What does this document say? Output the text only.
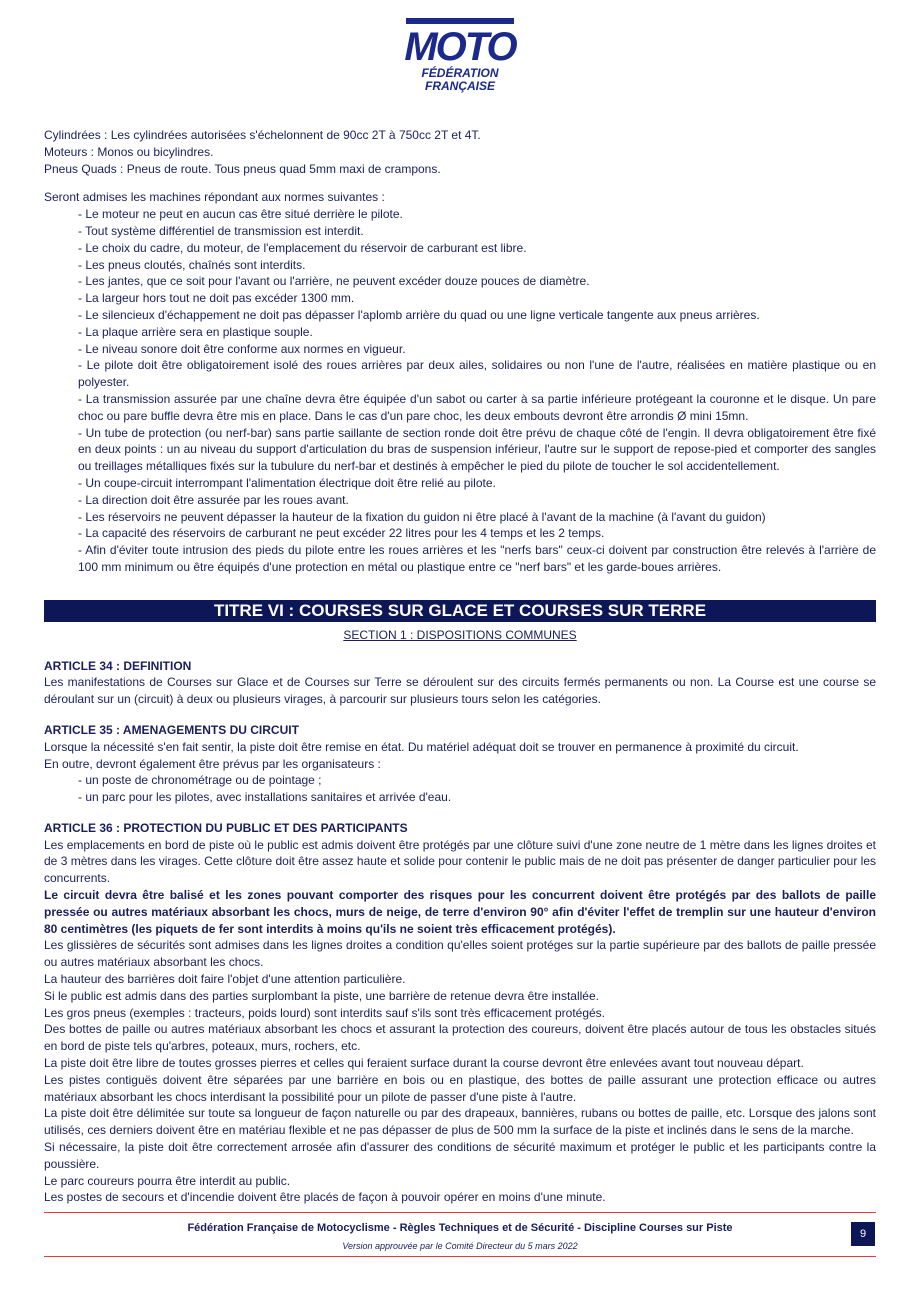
MOTO
FÉDÉRATION
FRANÇAISE

Cylindrées : Les cylindrées autorisées s'échelonnent de 90cc 2T à 750cc 2T et 4T.

Moteurs : Monos ou bicylindres.

Pneus Quads : Pneus de route. Tous pneus quad 5mm maxi de crampons.

Seront admises les machines répondant aux normes suivantes :

- Le moteur ne peut en aucun cas être situé derrière le pilote.

- Tout système différentiel de transmission est interdit.

- Le choix du cadre, du moteur, de l'emplacement du réservoir de carburant est libre.

- Les pneus cloutés, chaînés sont interdits.

- Les jantes, que ce soit pour l'avant ou l'arrière, ne peuvent excéder douze pouces de diamètre.

- La largeur hors tout ne doit pas excéder 1300 mm.

- Le silencieux d'échappement ne doit pas dépasser l'aplomb arrière du quad ou une ligne verticale tangente aux pneus arrières.

- La plaque arrière sera en plastique souple.

- Le niveau sonore doit être conforme aux normes en vigueur.

- Le pilote doit être obligatoirement isolé des roues arrières par deux ailes, solidaires ou non l'une de l'autre, réalisées en matière plastique ou en polyester.

- La transmission assurée par une chaîne devra être équipée d'un sabot ou carter à sa partie inférieure protégeant la couronne et le disque. Un pare choc ou pare buffle devra être mis en place. Dans le cas d'un pare choc, les deux embouts devront être arrondis Ø mini 15mn.

- Un tube de protection (ou nerf-bar) sans partie saillante de section ronde doit être prévu de chaque côté de l'engin. Il devra obligatoirement être fixé en deux points : un au niveau du support d'articulation du bras de suspension inférieur, l'autre sur le support de repose-pied et comporter des sangles ou treillages métalliques fixés sur la tubulure du nerf-bar et destinés à empêcher le pied du pilote de toucher le sol accidentellement.

- Un coupe-circuit interrompant l'alimentation électrique doit être relié au pilote.

- La direction doit être assurée par les roues avant.

- Les réservoirs ne peuvent dépasser la hauteur de la fixation du guidon ni être placé à l'avant de la machine (à l'avant du guidon)

- La capacité des réservoirs de carburant ne peut excéder 22 litres pour les 4 temps et les 2 temps.

- Afin d'éviter toute intrusion des pieds du pilote entre les roues arrières et les "nerfs bars" ceux-ci doivent par construction être relevés à l'arrière de 100 mm minimum ou être équipés d'une protection en métal ou plastique entre ce "nerf bars" et les garde-boues arrières.

TITRE VI : COURSES SUR GLACE ET COURSES SUR TERRE
SECTION 1 : DISPOSITIONS COMMUNES
ARTICLE 34 : DEFINITION

Les manifestations de Courses sur Glace et de Courses sur Terre se déroulent sur des circuits fermés permanents ou non. La Course est une course se déroulant sur un (circuit) à deux ou plusieurs virages, à parcourir sur plusieurs tours selon les catégories.

ARTICLE 35 : AMENAGEMENTS DU CIRCUIT

Lorsque la nécessité s'en fait sentir, la piste doit être remise en état. Du matériel adéquat doit se trouver en permanence à proximité du circuit.

En outre, devront également être prévus par les organisateurs :

- un poste de chronométrage ou de pointage ;

- un parc pour les pilotes, avec installations sanitaires et arrivée d'eau.

ARTICLE 36 : PROTECTION DU PUBLIC ET DES PARTICIPANTS

Les emplacements en bord de piste où le public est admis doivent être protégés par une clôture suivi d'une zone neutre de 1 mètre dans les lignes droites et de 3 mètres dans les virages. Cette clôture doit être assez haute et solide pour contenir le public mais de ne doit pas présenter de danger particulier pour les concurrents.

Le circuit devra être balisé et les zones pouvant comporter des risques pour les concurrent doivent être protégés par des ballots de paille pressée ou autres matériaux absorbant les chocs, murs de neige, de terre d'environ 90° afin d'éviter l'effet de tremplin sur une hauteur d'environ 80 centimètres (les piquets de fer sont interdits à moins qu'ils ne soient très efficacement protégés).

Les glissières de sécurités sont admises dans les lignes droites a condition qu'elles soient protéges sur la partie supérieure par des ballots de paille pressée ou autres matériaux absorbant les chocs.

La hauteur des barrières doit faire l'objet d'une attention particulière.

Si le public est admis dans des parties surplombant la piste, une barrière de retenue devra être installée.

Les gros pneus (exemples : tracteurs, poids lourd) sont interdits sauf s'ils sont très efficacement protégés.

Des bottes de paille ou autres matériaux absorbant les chocs et assurant la protection des coureurs, doivent être placés autour de tous les obstacles situés en bord de piste tels qu'arbres, poteaux, murs, rochers, etc.

La piste doit être libre de toutes grosses pierres et celles qui feraient surface durant la course devront être enlevées avant tout nouveau départ.

Les pistes contiguës doivent être séparées par une barrière en bois ou en plastique, des bottes de paille assurant une protection efficace ou autres matériaux absorbant les chocs interdisant la possibilité pour un pilote de passer d'une piste à l'autre.

La piste doit être délimitée sur toute sa longueur de façon naturelle ou par des drapeaux, bannières, rubans ou bottes de paille, etc. Lorsque des jalons sont utilisés, ces derniers doivent être en matériau flexible et ne pas dépasser de plus de 500 mm la surface de la piste et inclinés dans le sens de la marche.

Si nécessaire, la piste doit être correctement arrosée afin d'assurer des conditions de sécurité maximum et protéger le public et les participants contre la poussière.

Le parc coureurs pourra être interdit au public.

Les postes de secours et d'incendie doivent être placés de façon à pouvoir opérer en moins d'une minute.

Fédération Française de Motocyclisme - Règles Techniques et de Sécurité - Discipline Courses sur Piste
Version approuvée par le Comité Directeur du 5 mars 2022
9
